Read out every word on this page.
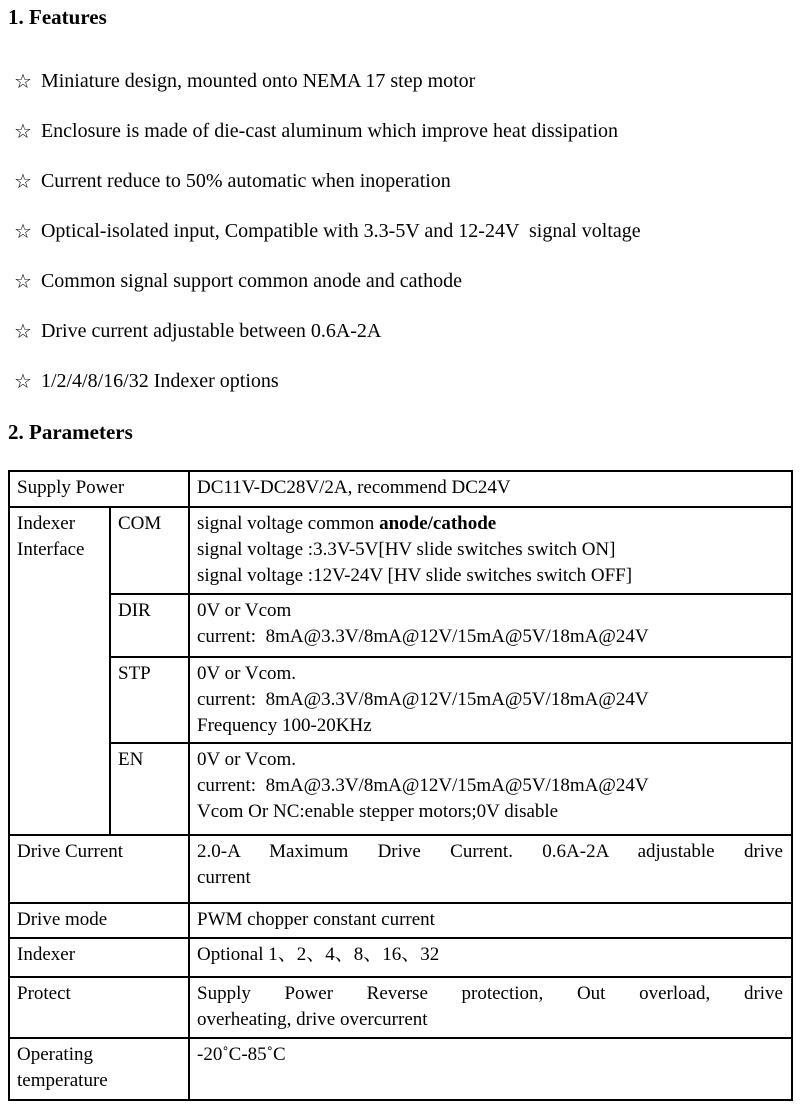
1. Features
☆ Miniature design, mounted onto NEMA 17 step motor
☆ Enclosure is made of die-cast aluminum which improve heat dissipation
☆ Current reduce to 50% automatic when inoperation
☆ Optical-isolated input, Compatible with 3.3-5V and 12-24V  signal voltage
☆ Common signal support common anode and cathode
☆ Drive current adjustable between 0.6A-2A
☆ 1/2/4/8/16/32 Indexer options
2. Parameters
Supply Power		DC11V-DC28V/2A, recommend DC24V

Indexer Interface	COM	signal voltage common anode/cathode
signal voltage :3.3V-5V[HV slide switches switch ON]
signal voltage :12V-24V [HV slide switches switch OFF]

	DIR	0V or Vcom
current:  8mA@3.3V/8mA@12V/15mA@5V/18mA@24V

	STP	0V or Vcom.
current:  8mA@3.3V/8mA@12V/15mA@5V/18mA@24V
Frequency 100-20KHz

	EN	0V or Vcom.
current:  8mA@3.3V/8mA@12V/15mA@5V/18mA@24V
Vcom Or NC:enable stepper motors;0V disable

Drive Current		2.0-A Maximum Drive Current. 0.6A-2A adjustable drive
current

Drive mode		PWM chopper constant current

Indexer		Optional 1、2、4、8、16、32

Protect		Supply Power Reverse protection, Out overload, drive
overheating, drive overcurrent

Operating temperature		-20˚C-85˚C
